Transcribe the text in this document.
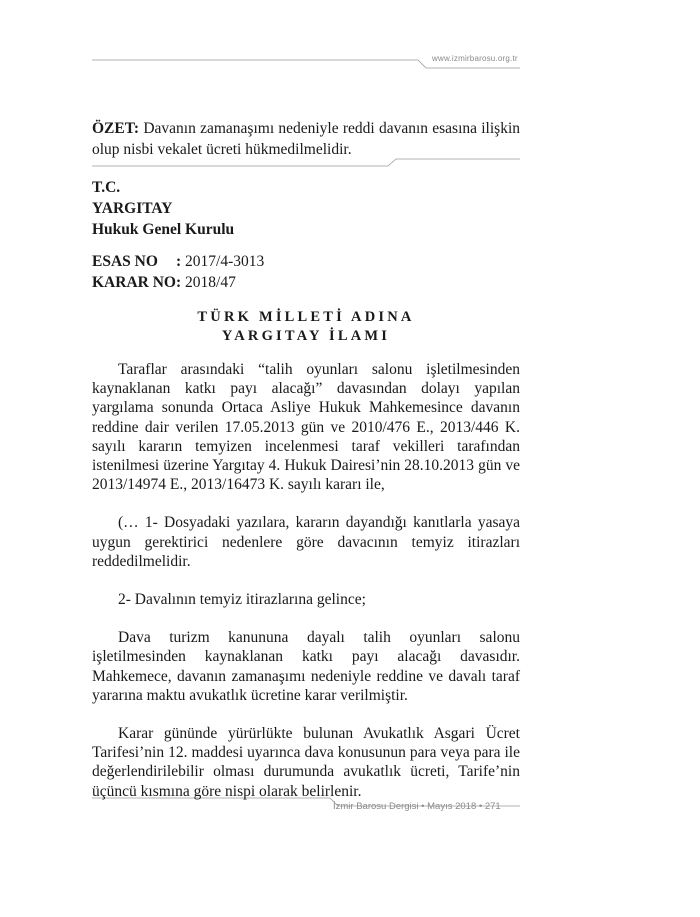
www.izmirbarosu.org.tr
ÖZET: Davanın zamanaşımı nedeniyle reddi davanın esasına ilişkin olup nisbi vekalet ücreti hükmedilmelidir.
T.C.
YARGITAY
Hukuk Genel Kurulu
ESAS NO : 2017/4-3013
KARAR NO: 2018/47
TÜRK MİLLETİ ADINA
YARGITAY İLAMI

Taraflar arasındaki “talih oyunları salonu işletilmesinden kaynaklanan katkı payı alacağı” davasından dolayı yapılan yargılama sonunda Ortaca Asliye Hukuk Mahkemesince davanın reddine dair verilen 17.05.2013 gün ve 2010/476 E., 2013/446 K. sayılı kararın temyizen incelenmesi taraf vekilleri tarafından istenilmesi üzerine Yargıtay 4. Hukuk Dairesi’nin 28.10.2013 gün ve 2013/14974 E., 2013/16473 K. sayılı kararı ile,

(… 1- Dosyadaki yazılara, kararın dayandığı kanıtlarla yasaya uygun gerektirici nedenlere göre davacının temyiz itirazları reddedilmelidir.

2- Davalının temyiz itirazlarına gelince;

Dava turizm kanununa dayalı talih oyunları salonu işletilmesinden kaynaklanan katkı payı alacağı davasıdır. Mahkemece, davanın zamanaşımı nedeniyle reddine ve davalı taraf yararına maktu avukatlık ücretine karar verilmiştir.

Karar gününde yürürlükte bulunan Avukatlık Asgari Ücret Tarifesi’nin 12. maddesi uyarınca dava konusunun para veya para ile değerlendirilebilir olması durumunda avukatlık ücreti, Tarife’nin üçüncü kısmına göre nispi olarak belirlenir.

İzmir Barosu Dergisi • Mayıs 2018 • 271
